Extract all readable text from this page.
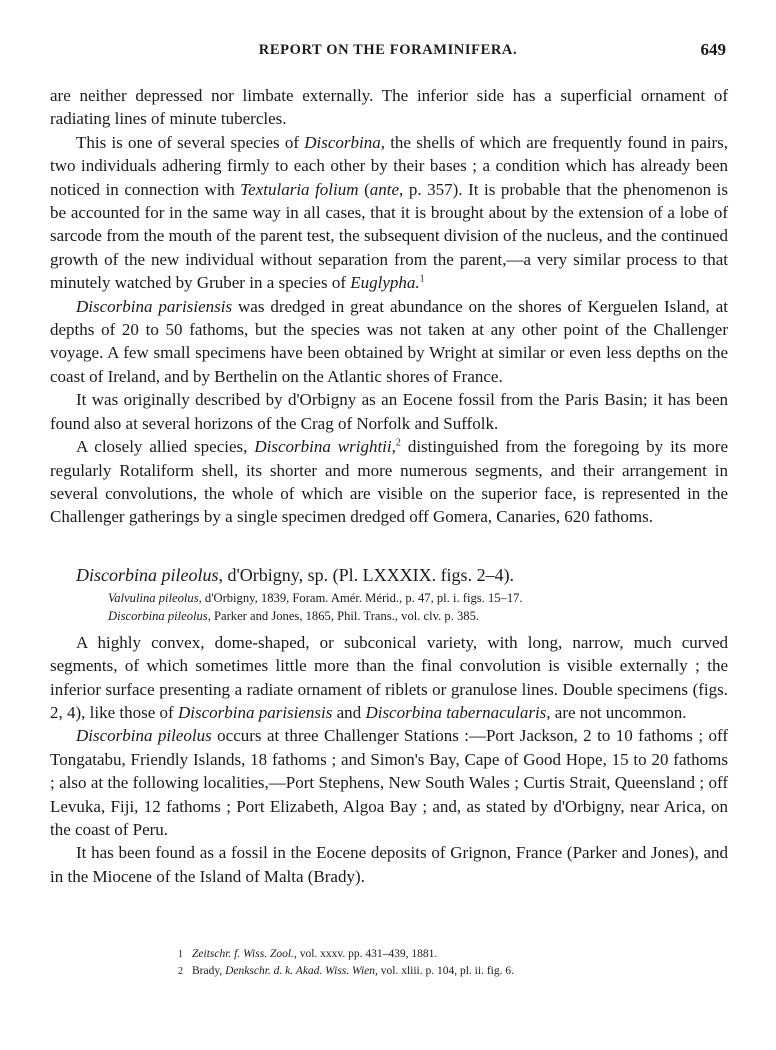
REPORT ON THE FORAMINIFERA.	649

are neither depressed nor limbate externally. The inferior side has a superficial ornament of radiating lines of minute tubercles.

This is one of several species of Discorbina, the shells of which are frequently found in pairs, two individuals adhering firmly to each other by their bases ; a condition which has already been noticed in connection with Textularia folium (ante, p. 357). It is probable that the phenomenon is be accounted for in the same way in all cases, that it is brought about by the extension of a lobe of sarcode from the mouth of the parent test, the subsequent division of the nucleus, and the continued growth of the new individual without separation from the parent,—a very similar process to that minutely watched by Gruber in a species of Euglypha.$^1$

Discorbina parisiensis was dredged in great abundance on the shores of Kerguelen Island, at depths of 20 to 50 fathoms, but the species was not taken at any other point of the Challenger voyage. A few small specimens have been obtained by Wright at similar or even less depths on the coast of Ireland, and by Berthelin on the Atlantic shores of France.

It was originally described by d'Orbigny as an Eocene fossil from the Paris Basin; it has been found also at several horizons of the Crag of Norfolk and Suffolk.

A closely allied species, Discorbina wrightii,$^2$ distinguished from the foregoing by its more regularly Rotaliform shell, its shorter and more numerous segments, and their arrangement in several convolutions, the whole of which are visible on the superior face, is represented in the Challenger gatherings by a single specimen dredged off Gomera, Canaries, 620 fathoms.

Discorbina pileolus, d'Orbigny, sp. (Pl. LXXXIX. figs. 2–4).

Valvulina pileolus, d'Orbigny, 1839, Foram. Amér. Mérid., p. 47, pl. i. figs. 15–17.
Discorbina pileolus, Parker and Jones, 1865, Phil. Trans., vol. clv. p. 385.

A highly convex, dome-shaped, or subconical variety, with long, narrow, much curved segments, of which sometimes little more than the final convolution is visible externally ; the inferior surface presenting a radiate ornament of riblets or granulose lines. Double specimens (figs. 2, 4), like those of Discorbina parisiensis and Discorbina tabernacularis, are not uncommon.

Discorbina pileolus occurs at three Challenger Stations :—Port Jackson, 2 to 10 fathoms ; off Tongatabu, Friendly Islands, 18 fathoms ; and Simon's Bay, Cape of Good Hope, 15 to 20 fathoms ; also at the following localities,—Port Stephens, New South Wales ; Curtis Strait, Queensland ; off Levuka, Fiji, 12 fathoms ; Port Elizabeth, Algoa Bay ; and, as stated by d'Orbigny, near Arica, on the coast of Peru.

It has been found as a fossil in the Eocene deposits of Grignon, France (Parker and Jones), and in the Miocene of the Island of Malta (Brady).

1 Zeitschr. f. Wiss. Zool., vol. xxxv. pp. 431–439, 1881.
2 Brady, Denkschr. d. k. Akad. Wiss. Wien, vol. xliii. p. 104, pl. ii. fig. 6.
